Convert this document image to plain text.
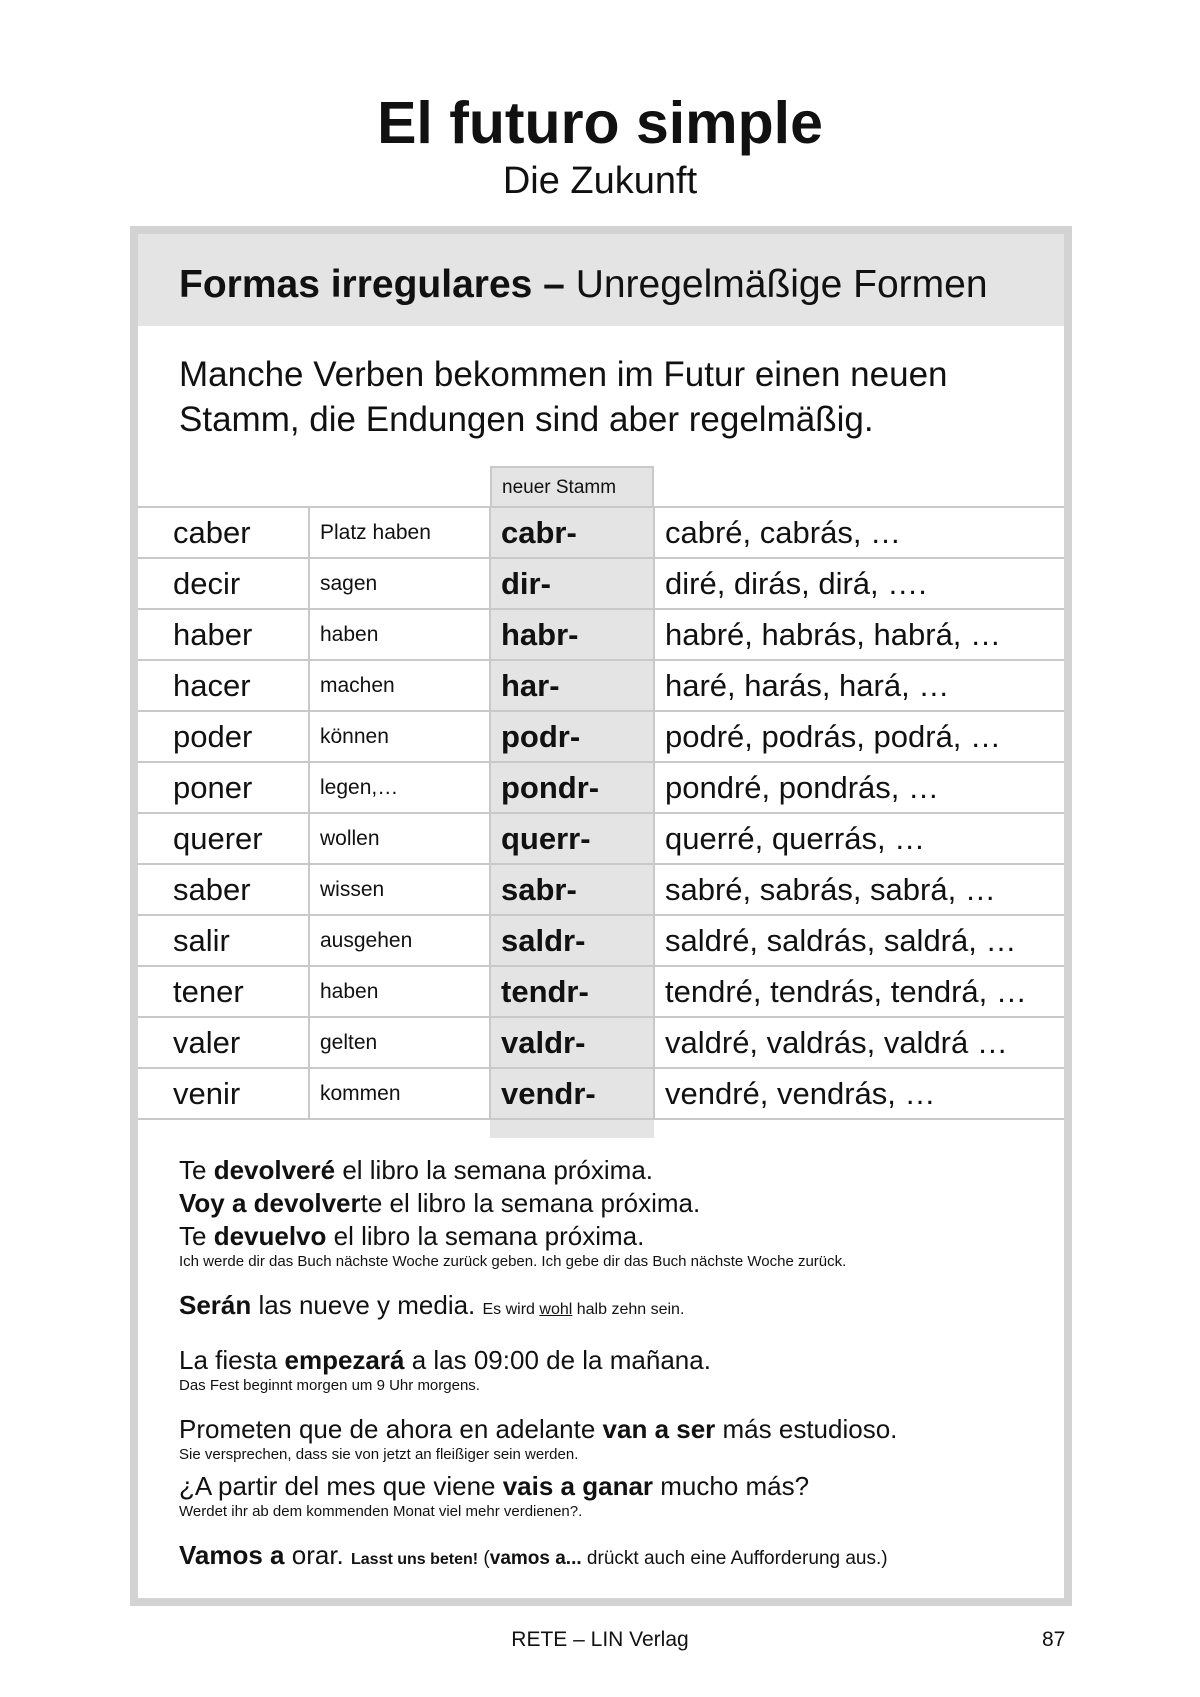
El futuro simple
Die Zukunft
Formas irregulares – Unregelmäßige Formen
Manche Verben bekommen im Futur einen neuen
Stamm, die Endungen sind aber regelmäßig.
neuer Stamm
caber	Platz haben	cabr-	cabré, cabrás, …
decir	sagen	dir-	diré, dirás, dirá, ….
haber	haben	habr-	habré, habrás, habrá, …
hacer	machen	har-	haré, harás, hará, …
poder	können	podr-	podré, podrás, podrá, …
poner	legen,…	pondr-	pondré, pondrás, …
querer	wollen	querr-	querré, querrás, …
saber	wissen	sabr-	sabré, sabrás, sabrá, …
salir	ausgehen	saldr-	saldré, saldrás, saldrá, …
tener	haben	tendr-	tendré, tendrás, tendrá, …
valer	gelten	valdr-	valdré, valdrás, valdrá …
venir	kommen	vendr-	vendré, vendrás, …
Te devolveré el libro la semana próxima.
Voy a devolverte el libro la semana próxima.
Te devuelvo el libro la semana próxima.
Ich werde dir das Buch nächste Woche zurück geben. Ich gebe dir das Buch nächste Woche zurück.
Serán las nueve y media. Es wird wohl halb zehn sein.
La fiesta empezará a las 09:00 de la mañana.
Das Fest beginnt morgen um 9 Uhr morgens.
Prometen que de ahora en adelante van a ser más estudioso.
Sie versprechen, dass sie von jetzt an fleißiger sein werden.
¿A partir del mes que viene vais a ganar mucho más?
Werdet ihr ab dem kommenden Monat viel mehr verdienen?.
Vamos a orar. Lasst uns beten! (vamos a... drückt auch eine Aufforderung aus.)
RETE – LIN Verlag	87
